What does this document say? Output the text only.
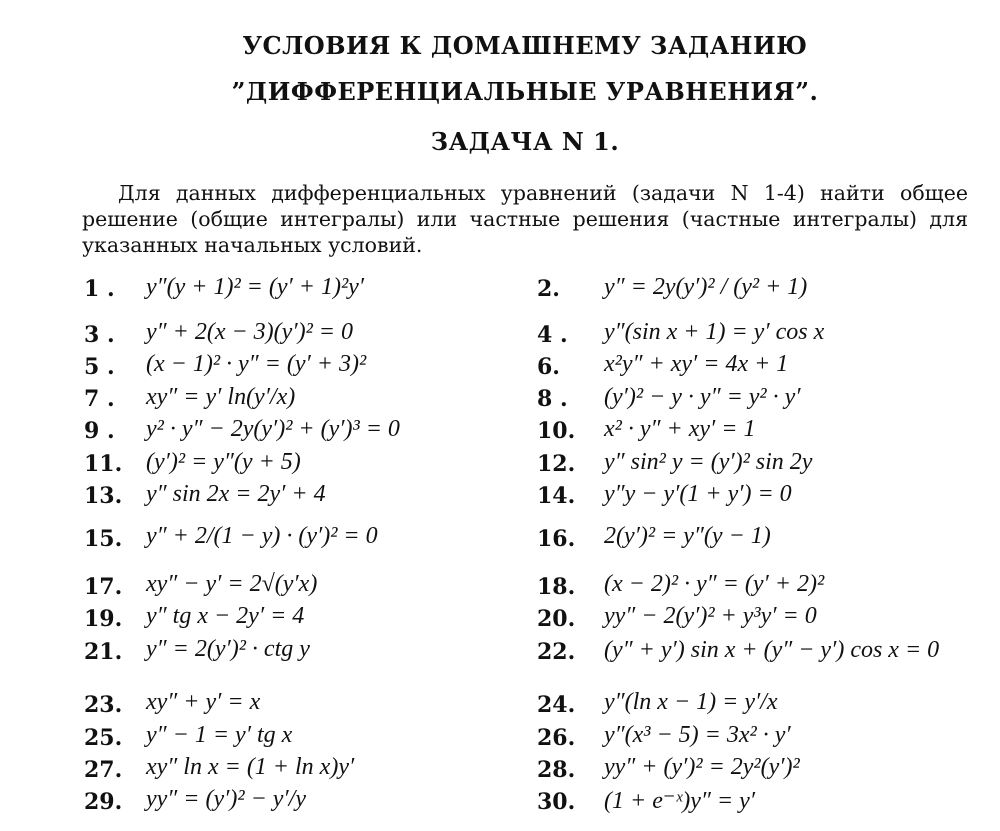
УСЛОВИЯ К ДОМАШНЕМУ ЗАДАНИЮ
”ДИФФЕРЕНЦИАЛЬНЫЕ УРАВНЕНИЯ”.
ЗАДАЧА N 1.

Для данных дифференциальных уравнений (задачи N 1-4) найти общее решение (общие интегралы) или частные решения (частные интегралы) для указанных начальных условий.

1 . y″(y + 1)² = (y′ + 1)²y′	2. y″ = 2y(y′)² / (y² + 1)
3 . y″ + 2(x − 3)(y′)² = 0	4 . y″(sin x + 1) = y′ cos x
5 . (x − 1)² · y″ = (y′ + 3)²	6. x²y″ + xy′ = 4x + 1
7 . xy″ = y′ ln(y′/x)	8 . (y′)² − y · y″ = y² · y′
9 . y² · y″ − 2y(y′)² + (y′)³ = 0	10. x² · y″ + xy′ = 1
11. (y′)² = y″(y + 5)	12. y″ sin² y = (y′)² sin 2y
13. y″ sin 2x = 2y′ + 4	14. y″y − y′(1 + y′) = 0
15. y″ + 2/(1 − y) · (y′)² = 0	16. 2(y′)² = y″(y − 1)
17. xy″ − y′ = 2√(y′x)	18. (x − 2)² · y″ = (y′ + 2)²
19. y″ tg x − 2y′ = 4	20. yy″ − 2(y′)² + y³y′ = 0
21. y″ = 2(y′)² · ctg y	22. (y″ + y′) sin x + (y″ − y′) cos x = 0
23. xy″ + y′ = x	24. y″(ln x − 1) = y′/x
25. y″ − 1 = y′ tg x	26. y″(x³ − 5) = 3x² · y′
27. xy″ ln x = (1 + ln x)y′	28. yy″ + (y′)² = 2y²(y′)²
29. yy″ = (y′)² − y′/y	30. (1 + e⁻ˣ)y″ = y′
